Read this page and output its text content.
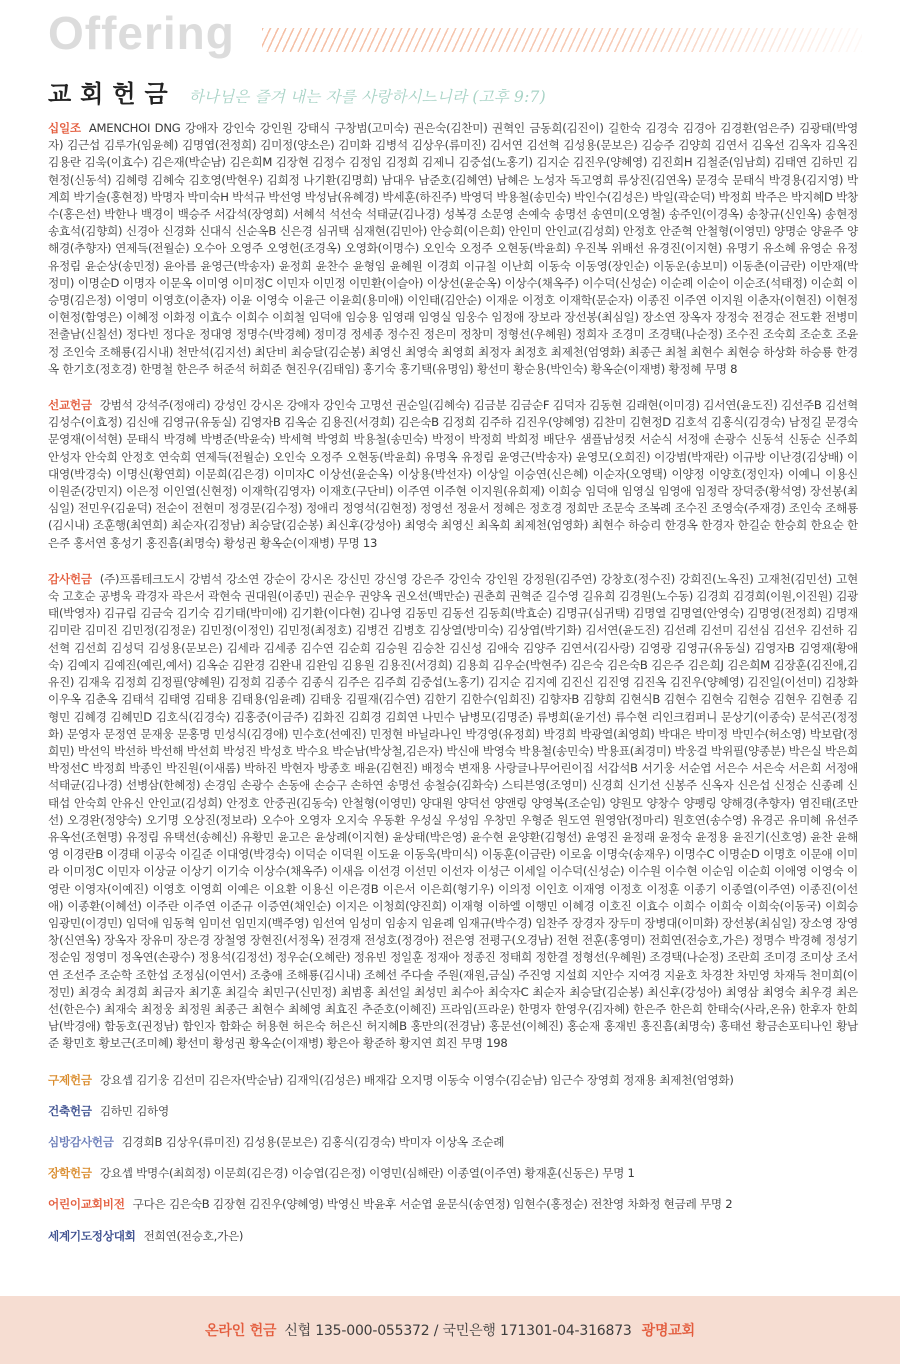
Offering
교회헌금 하나님은 즐겨 내는 자를 사랑하시느니라 (고후 9:7)

십일조 AMENCHOI DNG 강애자 강인숙 강인원 강태식 구창범(고미숙) 권은숙(김찬미) 권혁인 금동희(김진이) 길한숙 김경숙 김경아 김경환(엄은주) 김광태(박영자) 김근섭 김루가(임윤혜) 김명엽(전정희) 김미정(양소은) 김미화 김병석 김상우(류미진) 김서연 김선혁 김성용(문보은) 김승주 김양희 김연서 김옥선 김옥자 김옥진 김용란 김욱(이효수) 김은재(박순남) 김은희M 김장현 김정수 김정임 김정희 김제니 김중섭(노홍기) 김지순 김진우(양혜영) 김진희H 김철준(임남희) 김태연 김하민 김현정(신동석) 김혜령 김혜숙 김호영(박현우) 김희정 나기환(김명희) 남대우 남준호(김혜연) 남혜은 노성자 독고영희 류상진(김연옥) 문경숙 문태식 박경용(김지영) 박계희 박기술(홍현정) 박명자 박미숙H 박석규 박선영 박성남(유혜경) 박세훈(하진주) 박영덕 박용철(송민숙) 박인수(김성은) 박일(곽순덕) 박정희 박주은 박지혜D 박창수(홍은선) 박한나 백경이 백승주 서갑석(장영희) 서혜석 석선숙 석태균(김나경) 성복경 소문영 손예숙 송명선 송연미(오영철) 송주인(이경옥) 송창규(신인옥) 송현정 송효석(김향희) 신경아 신경화 신대식 신순옥B 신은경 심귀택 심재현(김민아) 안승희(이은희) 안인미 안인교(김성희) 안정호 안준혁 안철형(이영민) 양명순 양윤주 양해경(추향자) 연제득(전월순) 오수아 오영주 오영헌(조경옥) 오영화(이명수) 오인숙 오정주 오현동(박윤희) 우진복 위배선 유경진(이지현) 유명기 유소혜 유영순 유정 유정림 윤순상(송민정) 윤아름 윤영근(박송자) 윤정희 윤찬수 윤형임 윤혜원 이경희 이규칠 이난희 이동숙 이동영(장인순) 이동운(송보미) 이동춘(이금란) 이만재(박정미) 이명순D 이명자 이문옥 이미영 이미정C 이민자 이민정 이민환(이슬아) 이상선(윤순옥) 이상수(채옥주) 이수덕(신성순) 이순례 이순이 이순조(석태정) 이순희 이승명(김은정) 이영미 이영호(이춘자) 이윤 이영숙 이윤근 이윤희(용미애) 이인태(김안순) 이재운 이정호 이재학(문순자) 이종진 이주연 이지원 이춘자(이현진) 이현정 이현정(함영은) 이혜정 이화정 이효수 이희수 이희철 임덕애 임승용 임영래 임영실 임웅수 임정애 장보라 장선봉(최심일) 장소연 장옥자 장정숙 전경순 전도환 전병미 전출남(신칠선) 정다빈 정다운 정대영 정명수(박경혜) 정미경 정세종 정수진 정은미 정창미 정형선(우혜원) 정희자 조경미 조경택(나순정) 조수진 조숙희 조순호 조윤정 조인숙 조해룡(김시내) 천만석(김지선) 최단비 최승달(김순봉) 최영신 최영숙 최영희 최정자 최정호 최제천(엄영화) 최종근 최철 최현수 최현승 하상화 하승룡 한경옥 한기호(정호경) 한명철 한은주 허준석 허희준 현진우(김태임) 홍기숙 홍기택(유명임) 황선미 황순용(박인숙) 황옥순(이재병) 황정혜 무명 8

선교헌금 강범석 강석주(정애리) 강성인 강시온 강애자 강인숙 고명선 권순일(김혜숙) 김금분 김금순F 김덕자 김동현 김래현(이미경) 김서연(윤도진) 김선주B 김선혁 김성수(이효정) 김신애 김영규(유동실) 김영자B 김옥순 김용진(서경희) 김은숙B 김정희 김주하 김진우(양혜영) 김찬미 김현정D 김호석 김홍식(김경숙) 남정길 문경숙 문영재(이석현) 문태식 박경혜 박병준(박윤숙) 박세혁 박영희 박용철(송민숙) 박정이 박정희 박희정 배단우 샘플남성컷 서순식 서정애 손광수 신동석 신동순 신주희 안성자 안숙희 안정호 연숙희 연제득(전월순) 오인숙 오정주 오현동(박윤희) 유명옥 유정림 윤영근(박송자) 윤영모(오희진) 이강범(박재란) 이규방 이난경(김상배) 이대영(박경숙) 이명신(황연희) 이문희(김은경) 이미자C 이상선(윤순옥) 이상용(박선자) 이상일 이승연(신은혜) 이순자(오영택) 이양정 이양호(정인자) 이예니 이용신 이원준(강민지) 이은정 이인열(신현정) 이재학(김영자) 이재호(구단비) 이주연 이주현 이지원(유희제) 이희승 임덕애 임영실 임영애 임정락 장덕중(황석영) 장선봉(최심일) 전민우(김윤덕) 전순이 전현미 정경문(김수정) 정애리 정영석(김현정) 정영선 정윤서 정혜은 정호경 정희만 조문숙 조복례 조수진 조영숙(주재경) 조인숙 조해룡(김시내) 조훈행(최연희) 최순자(김정남) 최승달(김순봉) 최신후(강성아) 최영숙 최영신 최옥희 최제천(엄영화) 최현수 하승리 한경옥 한경자 한길순 한승희 한요순 한은주 홍서연 홍성기 홍진흠(최명숙) 황성권 황옥순(이재병) 무명 13

감사헌금 (주)프롬테크도시 강범석 강소연 강순이 강시온 강신민 강신영 강은주 강인숙 강인원 강정원(김주연) 강창호(정수진) 강희진(노옥진) 고재천(김민선) 고현숙 고호순 공병욱 곽경자 곽은서 곽현숙 권대원(이종민) 권순우 권양옥 권오선(백만순) 권춘희 권혁준 길수영 길유희 김경원(노수동) 김경희 김경희(이원,이진원) 김광태(박영자) 김규림 김금숙 김기숙 김기태(박미애) 김기환(이다현) 김나영 김동민 김동선 김동희(박효순) 김명규(심귀택) 김명열 김명열(안영숙) 김명영(전정희) 김명재 김미란 김미진 김민정(김정운) 김민정(이정인) 김민정(최정호) 김병건 김병호 김상열(방미숙) 김상엽(박기화) 김서연(윤도진) 김선례 김선미 김선심 김선우 김선하 김선혁 김선희 김성덕 김성용(문보은) 김세라 김세종 김수연 김순희 김승원 김승찬 김신성 김애숙 김양주 김연서(김사랑) 김영광 김영규(유동실) 김영자B 김영재(황애숙) 김예지 김예진(예린,예서) 김옥순 김완경 김완내 김완임 김용원 김용진(서경희) 김용희 김우순(박현주) 김은숙 김은숙B 김은주 김은희J 김은희M 김장훈(김진애,김유진) 김재욱 김정희 김정필(양혜원) 김정희 김종수 김종식 김주은 김주희 김중섭(노홍기) 김지순 김지예 김진신 김진영 김진옥 김진우(양혜영) 김진일(이선미) 김창화 이우옥 김춘옥 김태석 김태영 김태용 김태용(임윤례) 김태웅 김필재(김수연) 김한기 김한수(임희진) 김향자B 김향희 김현식B 김현수 김현숙 김현승 김현우 김현종 김형민 김혜경 김혜민D 김호식(김경숙) 김홍중(이금주) 김화진 김희경 김희연 나민수 남병모(김명준) 류병희(윤기선) 류수현 리인크컴퍼니 문상기(이종숙) 문석곤(정정화) 문영자 문정연 문재웅 문홍명 민성식(김경애) 민수호(선예진) 민정현 바닐라나인 박경영(유정희) 박경희 박광열(최영희) 박대은 박미정 박민수(허소영) 박보람(정희민) 박선익 박선하 박선해 박선희 박성진 박성호 박수요 박순남(박상철,김은자) 박신애 박영숙 박용철(송민숙) 박용표(최경미) 박웅걸 박위필(양종분) 박은실 박은희 박정선C 박정희 박종인 박진원(이새롬) 박하진 박현자 방종호 배윤(김현진) 배정숙 변재용 사랑글나무어린이집 서갑석B 서기웅 서순엽 서은수 서은숙 서은희 서정애 석태균(김나경) 선병삼(한혜정) 손경임 손광수 손동애 손승구 손하연 송명선 송철승(김화숙) 스티븐영(조영미) 신경희 신기선 신봉주 신옥자 신은섭 신정순 신종례 신태섭 안숙희 안유신 안인교(김성희) 안정호 안중권(김동숙) 안철형(이영민) 양대원 양덕선 양앤링 양영복(조순임) 양원모 양창수 양펭링 양해경(추향자) 염진태(조만선) 오경완(정양숙) 오기명 오상진(정보라) 오수아 오영자 오지숙 우동환 우성실 우성임 우창민 우형준 원도연 원영암(정마리) 원호연(송수영) 유경곤 유미혜 유선주 유옥선(조현명) 유정림 유택선(송혜신) 유황민 윤고은 윤상례(이지현) 윤상태(박은영) 윤수현 윤양환(김형선) 윤영진 윤정래 윤정숙 윤정용 윤진기(신호영) 윤찬 윤해영 이경란B 이경태 이공숙 이길준 이대영(박경숙) 이덕순 이덕원 이도윤 이동욱(박미식) 이동훈(이금란) 이로움 이명숙(송재우) 이명수C 이명순D 이명호 이문애 이미라 이미정C 이민자 이상균 이상기 이기숙 이상수(채옥주) 이새음 이선경 이선민 이선자 이성근 이세일 이수덕(신성순) 이수원 이수현 이순임 이순희 이애영 이영숙 이영란 이영자(이예진) 이영호 이영희 이예은 이요환 이용신 이은경B 이은서 이은희(형기우) 이의정 이인호 이재영 이정호 이정훈 이종기 이종열(이주연) 이종진(이선애) 이종환(이혜선) 이주란 이주연 이준규 이증연(채인순) 이지은 이청희(양진희) 이재형 이하엘 이행민 이혜경 이호진 이효수 이희수 이희숙 이희숙(이동국) 이희승 임광민(이경민) 임덕애 임동혁 임미선 임민지(백주영) 임선여 임성미 임송지 임윤례 임재규(박수경) 임찬주 장경자 장두미 장병대(이미화) 장선봉(최심일) 장소영 장영창(신연옥) 장옥자 장유미 장은경 장철영 장현진(서정옥) 전경재 전성호(정경아) 전은영 전평구(오경남) 전현 전훈(홍영미) 전희연(전승호,가은) 정명수 박경혜 정성기 정순임 정영미 정옥연(손광수) 정용석(김정선) 정우순(오혜란) 정유빈 정일훈 정재아 정종진 정태희 정한결 정형선(우혜원) 조경택(나순정) 조란희 조미경 조미상 조서연 조선주 조순학 조한섭 조정심(이연서) 조충애 조해룡(김시내) 조혜선 주다솔 주원(재원,금실) 주진영 지설희 지안수 지여경 지윤호 차경찬 차민영 차재득 천미희(이정민) 최경숙 최경희 최금자 최기훈 최길숙 최민구(신민정) 최범홍 최선일 최성민 최수아 최숙자C 최순자 최승달(김순봉) 최신후(강성아) 최영삼 최영숙 최우경 최은선(한은수) 최재숙 최정웅 최정원 최종근 최현수 최혜영 최효진 추준호(이혜진) 프라임(프라운) 한명자 한영우(김자혜) 한은주 한은희 한태숙(사라,온유) 한후자 한희남(박경애) 함동호(권정남) 함인자 함화순 허용현 허은숙 허은신 허지혜B 홍만의(전경남) 홍문선(이혜진) 홍순재 홍재빈 홍진흠(최명숙) 홍태선 황금손포티나인 황남준 황민호 황보근(조미혜) 황선미 황성권 황옥순(이재병) 황은아 황준하 황지연 희진 무명 198

구제헌금 강요셉 김기웅 김선미 김은자(박순남) 김재익(김성은) 배재갑 오지명 이동숙 이영수(김순남) 임근수 장영희 정재용 최제천(엄영화)

건축헌금 김하민 김하영

심방감사헌금 김경희B 김상우(류미진) 김성용(문보은) 김홍식(김경숙) 박미자 이상옥 조순례

장학헌금 강요셉 박명수(최희정) 이문희(김은경) 이승엽(김은정) 이영민(심해란) 이종열(이주연) 황재훈(신동은) 무명 1

어린이교회비전 구다은 김은숙B 김장현 김진우(양혜영) 박영신 박윤후 서순엽 윤문식(송연정) 임현수(홍정순) 전찬영 차화정 현금레 무명 2

세계기도정상대회 전희연(전승호,가은)

온라인 헌금 신협 135-000-055372 / 국민은행 171301-04-316873 광명교회
